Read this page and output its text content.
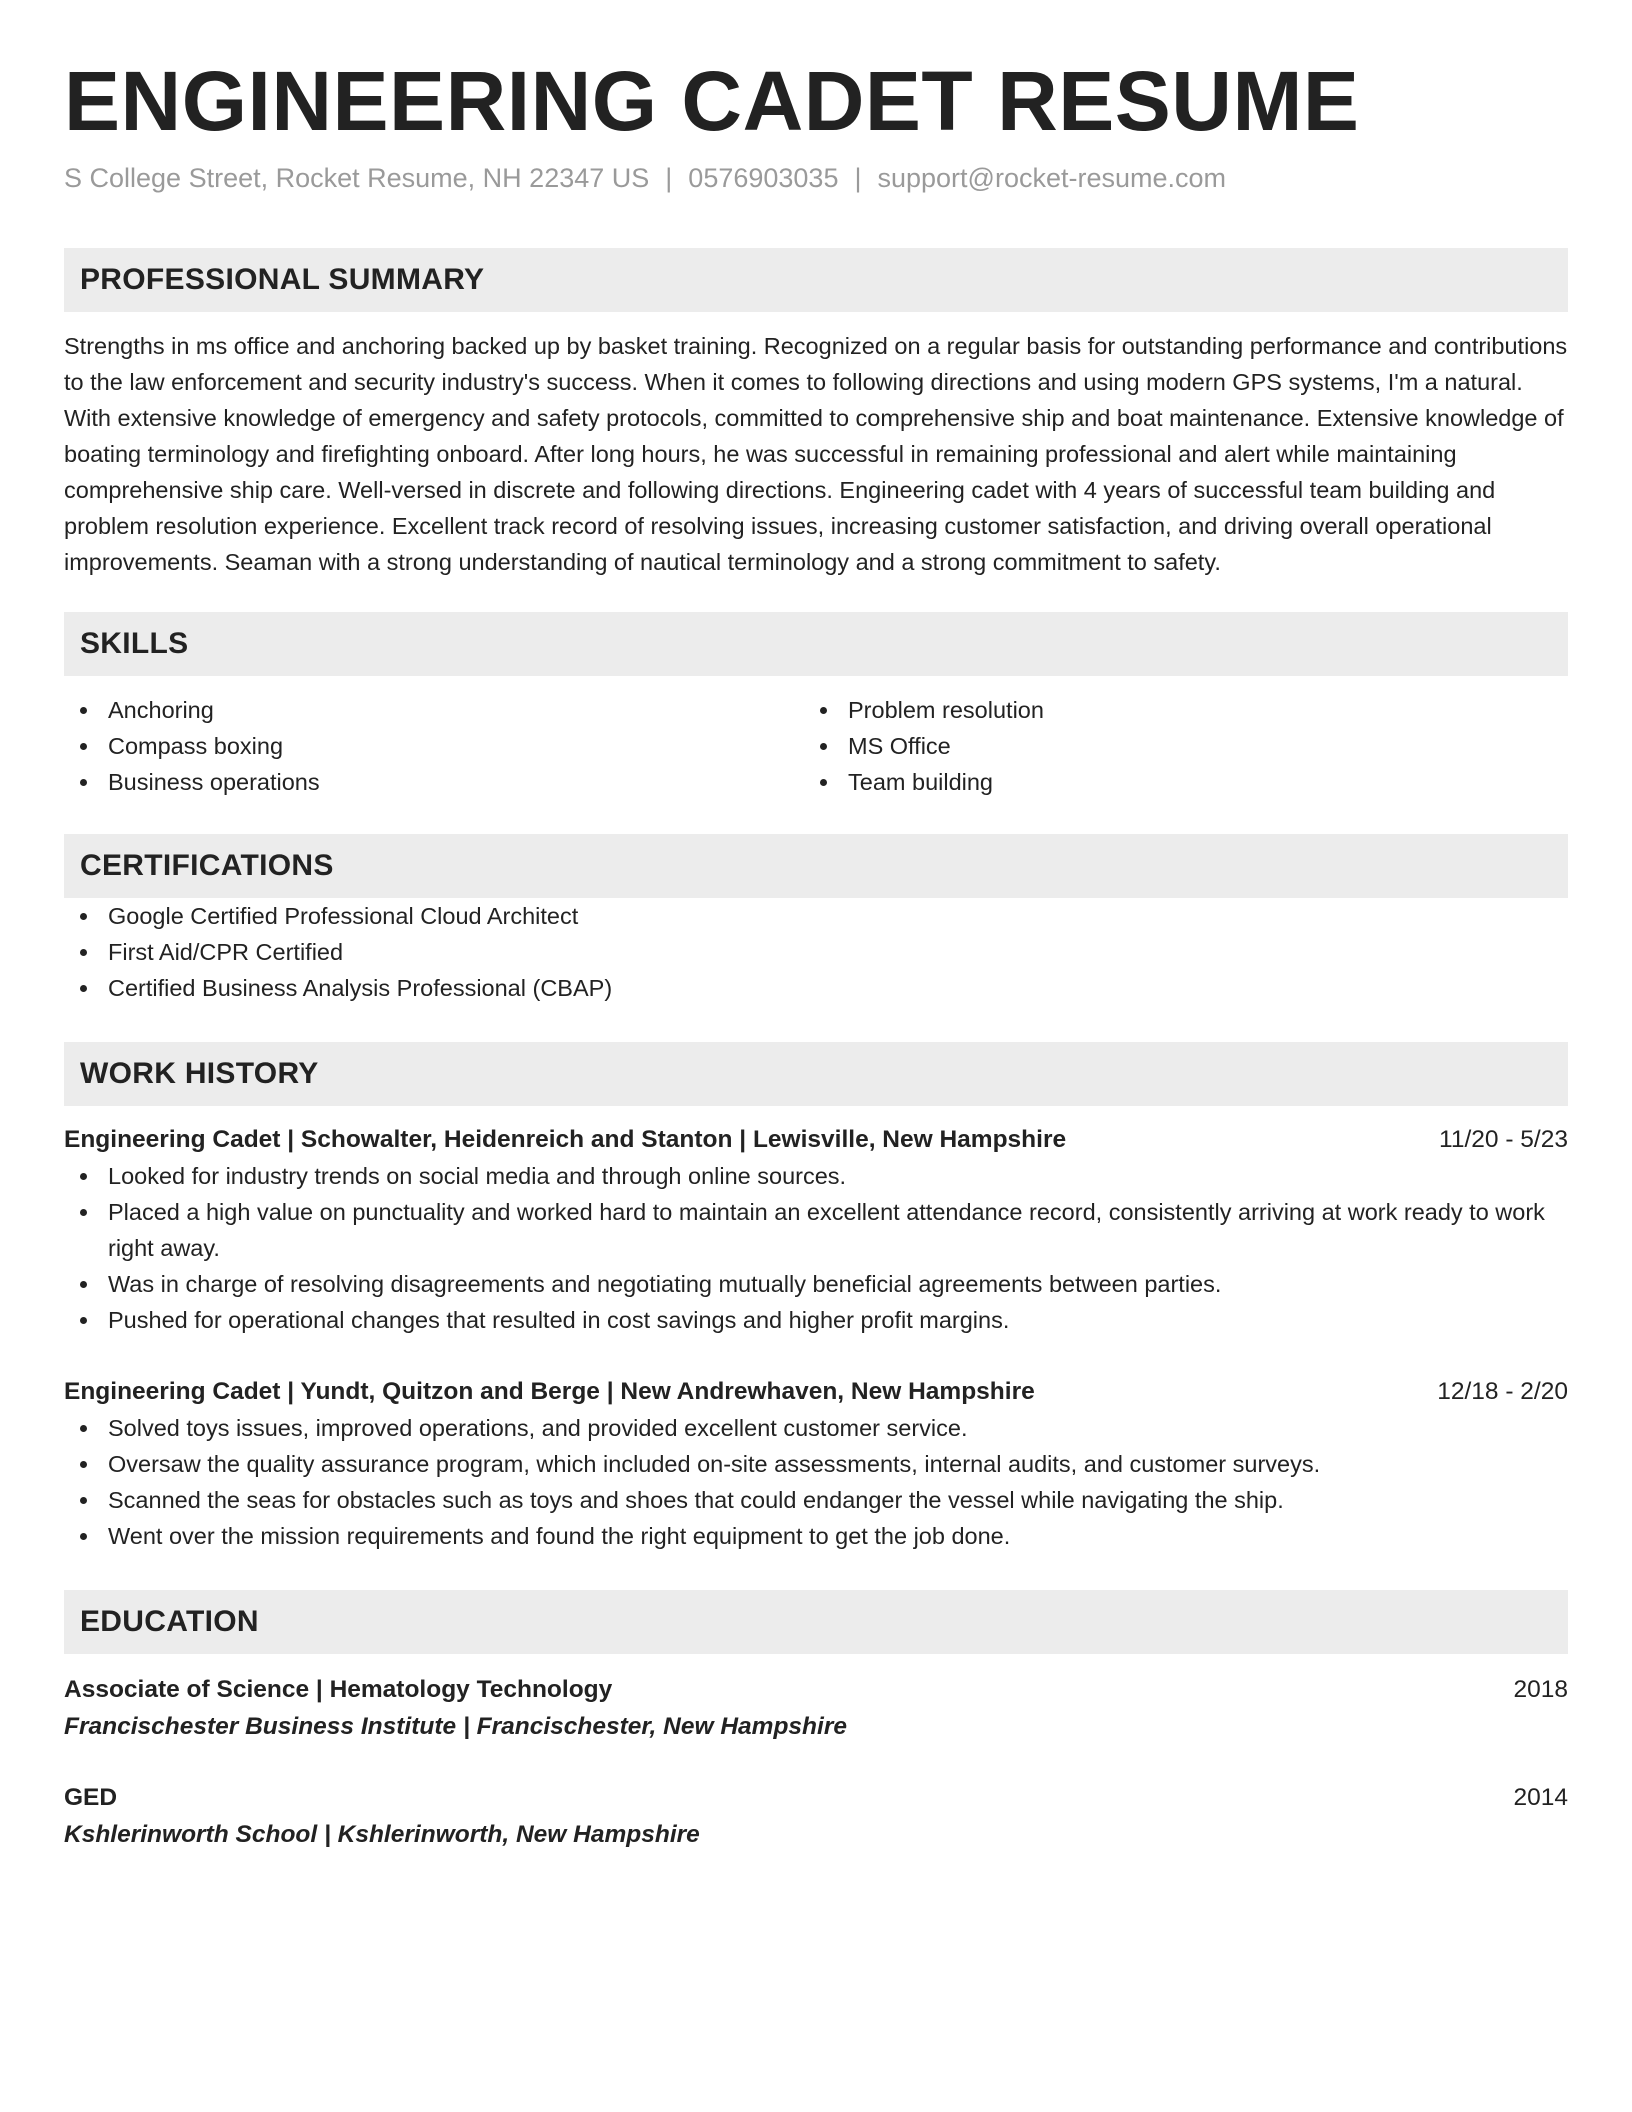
ENGINEERING CADET RESUME
S College Street, Rocket Resume, NH 22347 US | 0576903035 | support@rocket-resume.com
PROFESSIONAL SUMMARY

Strengths in ms office and anchoring backed up by basket training. Recognized on a regular basis for outstanding performance and contributions to the law enforcement and security industry's success. When it comes to following directions and using modern GPS systems, I'm a natural. With extensive knowledge of emergency and safety protocols, committed to comprehensive ship and boat maintenance. Extensive knowledge of boating terminology and firefighting onboard. After long hours, he was successful in remaining professional and alert while maintaining comprehensive ship care. Well-versed in discrete and following directions. Engineering cadet with 4 years of successful team building and problem resolution experience. Excellent track record of resolving issues, increasing customer satisfaction, and driving overall operational improvements. Seaman with a strong understanding of nautical terminology and a strong commitment to safety.

SKILLS
Anchoring
Compass boxing
Business operations
Problem resolution
MS Office
Team building
CERTIFICATIONS
Google Certified Professional Cloud Architect
First Aid/CPR Certified
Certified Business Analysis Professional (CBAP)
WORK HISTORY
Engineering Cadet | Schowalter, Heidenreich and Stanton | Lewisville, New Hampshire	11/20 - 5/23
Looked for industry trends on social media and through online sources.
Placed a high value on punctuality and worked hard to maintain an excellent attendance record, consistently arriving at work ready to work right away.
Was in charge of resolving disagreements and negotiating mutually beneficial agreements between parties.
Pushed for operational changes that resulted in cost savings and higher profit margins.
Engineering Cadet | Yundt, Quitzon and Berge | New Andrewhaven, New Hampshire	12/18 - 2/20
Solved toys issues, improved operations, and provided excellent customer service.
Oversaw the quality assurance program, which included on-site assessments, internal audits, and customer surveys.
Scanned the seas for obstacles such as toys and shoes that could endanger the vessel while navigating the ship.
Went over the mission requirements and found the right equipment to get the job done.
EDUCATION
Associate of Science | Hematology Technology	2018
Francischester Business Institute | Francischester, New Hampshire
GED	2014
Kshlerinworth School | Kshlerinworth, New Hampshire
